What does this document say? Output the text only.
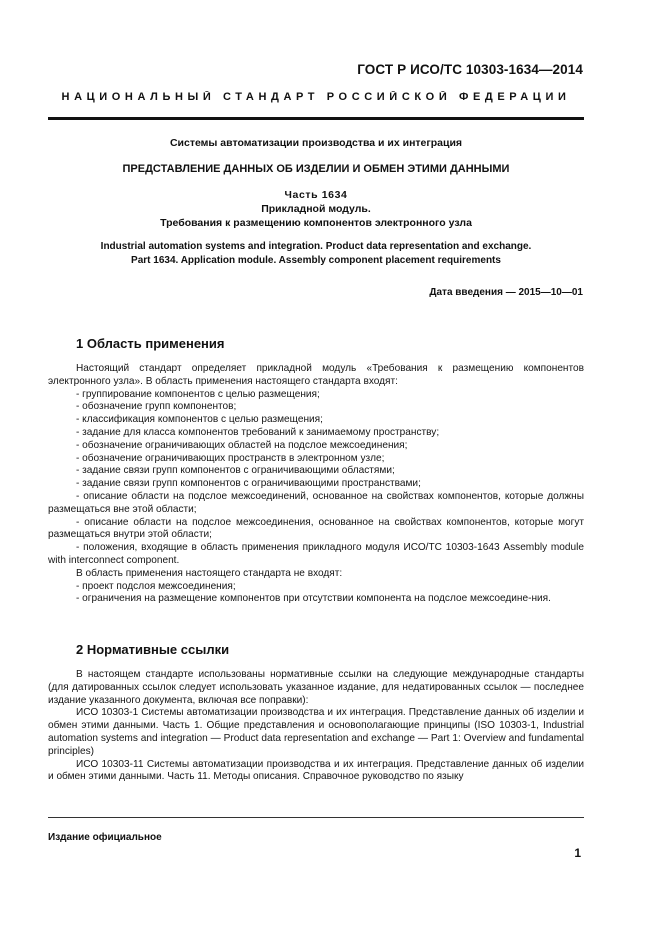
ГОСТ Р ИСО/ТС 10303-1634—2014
НАЦИОНАЛЬНЫЙ СТАНДАРТ РОССИЙСКОЙ ФЕДЕРАЦИИ
Системы автоматизации производства и их интеграция
ПРЕДСТАВЛЕНИЕ ДАННЫХ ОБ ИЗДЕЛИИ И ОБМЕН ЭТИМИ ДАННЫМИ
Часть 1634
Прикладной модуль.
Требования к размещению компонентов электронного узла
Industrial automation systems and integration. Product data representation and exchange.
Part 1634. Application module. Assembly component placement requirements
Дата введения — 2015—10—01
1 Область применения

Настоящий стандарт определяет прикладной модуль «Требования к размещению компонентов электронного узла». В область применения настоящего стандарта входят:

- группирование компонентов с целью размещения;

- обозначение групп компонентов;

- классификация компонентов с целью размещения;

- задание для класса компонентов требований к занимаемому пространству;

- обозначение ограничивающих областей на подслое межсоединения;

- обозначение ограничивающих пространств в электронном узле;

- задание связи групп компонентов с ограничивающими областями;

- задание связи групп компонентов с ограничивающими пространствами;

- описание области на подслое межсоединений, основанное на свойствах компонентов, которые должны размещаться вне этой области;

- описание области на подслое межсоединения, основанное на свойствах компонентов, которые могут размещаться внутри этой области;

- положения, входящие в область применения прикладного модуля ИСО/ТС 10303-1643 Assembly module with interconnect component.

В область применения настоящего стандарта не входят:

- проект подслоя межсоединения;

- ограничения на размещение компонентов при отсутствии компонента на подслое межсоедине-ния.

2 Нормативные ссылки

В настоящем стандарте использованы нормативные ссылки на следующие международные стандарты (для датированных ссылок следует использовать указанное издание, для недатированных ссылок — последнее издание указанного документа, включая все поправки):

ИСО 10303-1 Системы автоматизации производства и их интеграция. Представление данных об изделии и обмен этими данными. Часть 1. Общие представления и основополагающие принципы (ISO 10303-1, Industrial automation systems and integration — Product data representation and exchange — Part 1: Overview and fundamental principles)

ИСО 10303-11 Системы автоматизации производства и их интеграция. Представление данных об изделии и обмен этими данными. Часть 11. Методы описания. Справочное руководство по языку

Издание официальное
1
